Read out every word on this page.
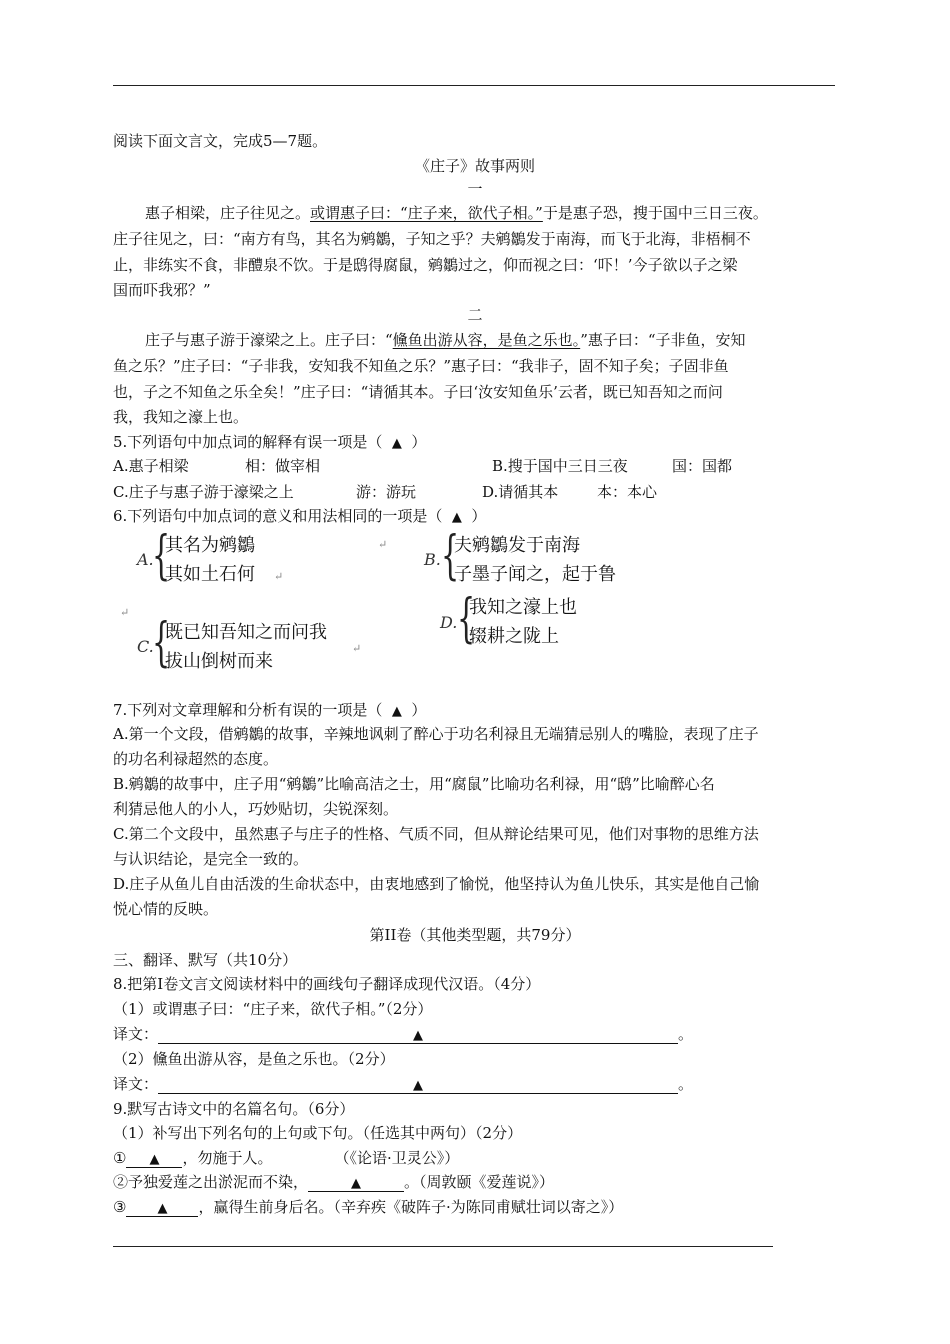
阅读下面文言文，完成5—7题。
《庄子》故事两则
一
惠子相梁，庄子往见之。或谓惠子曰：“庄子来，欲代子相。”于是惠子恐，搜于国中三日三夜。
庄子往见之，曰：“南方有鸟，其名为鹓鶵，子知之乎？夫鹓鶵发于南海，而飞于北海，非梧桐不
止，非练实不食，非醴泉不饮。于是鸱得腐鼠，鹓鶵过之，仰而视之曰：‘吓！’今子欲以子之梁
国而吓我邪？”
二
庄子与惠子游于濠梁之上。庄子曰：“儵鱼出游从容，是鱼之乐也。”惠子曰：“子非鱼，安知
鱼之乐？”庄子曰：“子非我，安知我不知鱼之乐？”惠子曰：“我非子，固不知子矣；子固非鱼
也，子之不知鱼之乐全矣！”庄子曰：“请循其本。子曰‘汝安知鱼乐’云者，既已知吾知之而问
我，我知之濠上也。
5.下列语句中加点词的解释有误一项是（ ▲ ）
A.惠子相梁	相：做宰相	B.搜于国中三日三夜	国：国都
C.庄子与惠子游于濠梁之上	游：游玩	D.请循其本	本：本心
6.下列语句中加点词的意义和用法相同的一项是（ ▲ ）
A.
{
其名为鹓鶵
其如土石何
↵
↵
B. {
夫鹓鶵发于南海
子墨子闻之，起于鲁
↵
D. {
我知之濠上也
辍耕之陇上
C.
{
既已知吾知之而问我
拔山倒树而来
↵
7.下列对文章理解和分析有误的一项是（ ▲ ）
A.第一个文段，借鹓鶵的故事，辛辣地讽刺了醉心于功名利禄且无端猜忌别人的嘴脸，表现了庄子
的功名利禄超然的态度。
B.鹓鶵的故事中，庄子用“鹓鶵”比喻高洁之士，用“腐鼠”比喻功名利禄，用“鸱”比喻醉心名
利猜忌他人的小人，巧妙贴切，尖锐深刻。
C.第二个文段中，虽然惠子与庄子的性格、气质不同，但从辩论结果可见，他们对事物的思维方法
与认识结论，是完全一致的。
D.庄子从鱼儿自由活泼的生命状态中，由衷地感到了愉悦，他坚持认为鱼儿快乐，其实是他自己愉
悦心情的反映。
第II卷（其他类型题，共79分）
三、翻译、默写（共10分）
8.把第I卷文言文阅读材料中的画线句子翻译成现代汉语。（4分）
（1）或谓惠子曰：“庄子来，欲代子相。”（2分）
译文：	▲	。
（2）儵鱼出游从容，是鱼之乐也。（2分）
译文：	▲	。
9.默写古诗文中的名篇名句。（6分）
（1）补写出下列名句的上句或下句。（任选其中两句）（2分）
① ▲ ，勿施于人。	（《论语·卫灵公》）
②予独爱莲之出淤泥而不染，	▲	。（周敦颐《爱莲说》）
③ ▲ ，赢得生前身后名。（辛弃疾《破阵子·为陈同甫赋壮词以寄之》）
